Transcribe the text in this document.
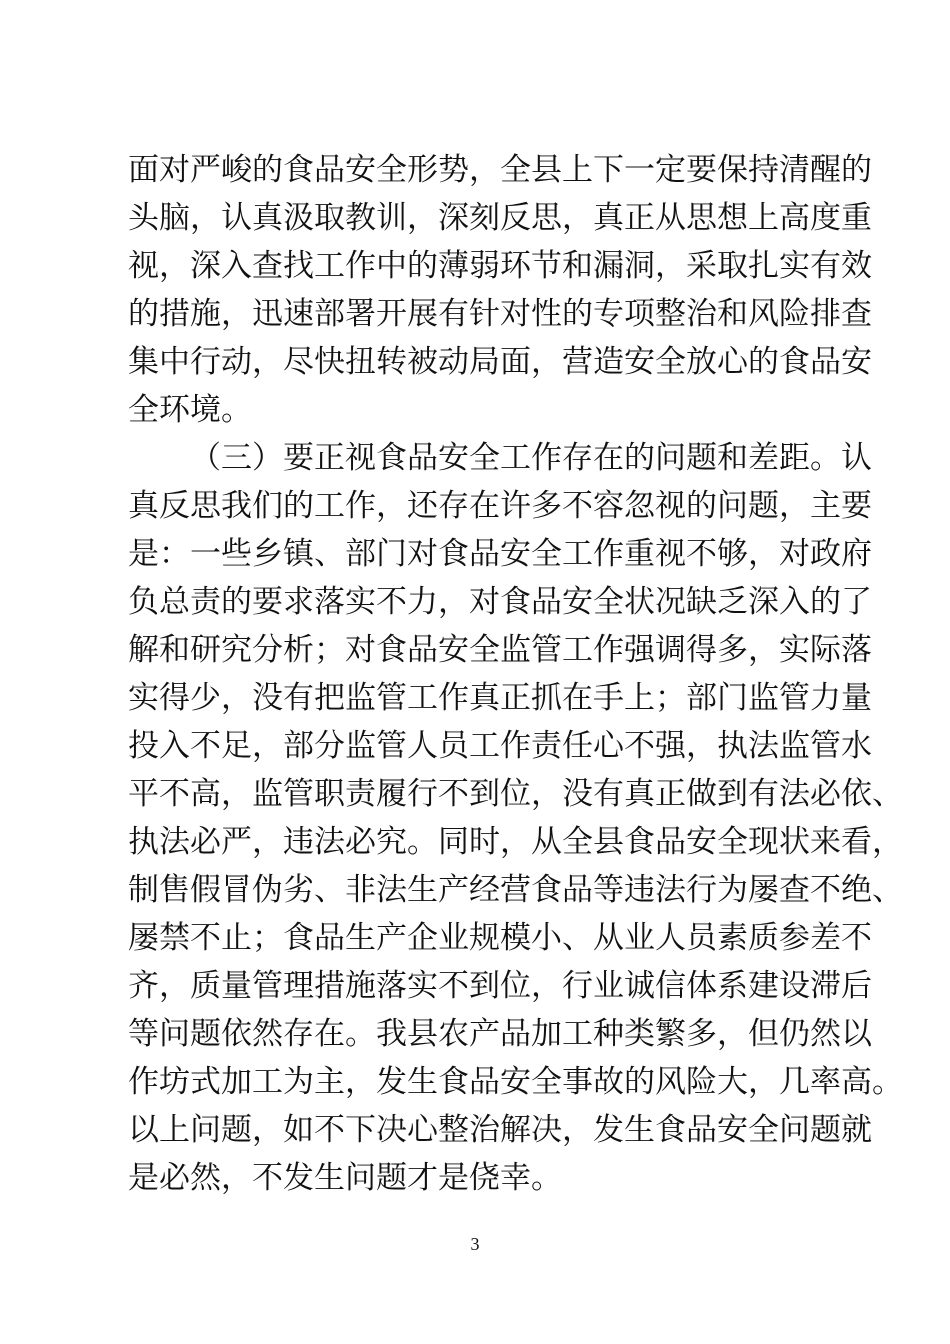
面对严峻的食品安全形势，全县上下一定要保持清醒的
头脑，认真汲取教训，深刻反思，真正从思想上高度重
视，深入查找工作中的薄弱环节和漏洞，采取扎实有效
的措施，迅速部署开展有针对性的专项整治和风险排查
集中行动，尽快扭转被动局面，营造安全放心的食品安
全环境。
（三）要正视食品安全工作存在的问题和差距。认
真反思我们的工作，还存在许多不容忽视的问题，主要
是：一些乡镇、部门对食品安全工作重视不够，对政府
负总责的要求落实不力，对食品安全状况缺乏深入的了
解和研究分析；对食品安全监管工作强调得多，实际落
实得少，没有把监管工作真正抓在手上；部门监管力量
投入不足，部分监管人员工作责任心不强，执法监管水
平不高，监管职责履行不到位，没有真正做到有法必依、
执法必严，违法必究。同时，从全县食品安全现状来看，
制售假冒伪劣、非法生产经营食品等违法行为屡查不绝、
屡禁不止；食品生产企业规模小、从业人员素质参差不
齐，质量管理措施落实不到位，行业诚信体系建设滞后
等问题依然存在。我县农产品加工种类繁多，但仍然以
作坊式加工为主，发生食品安全事故的风险大，几率高。
以上问题，如不下决心整治解决，发生食品安全问题就
是必然，不发生问题才是侥幸。
3
